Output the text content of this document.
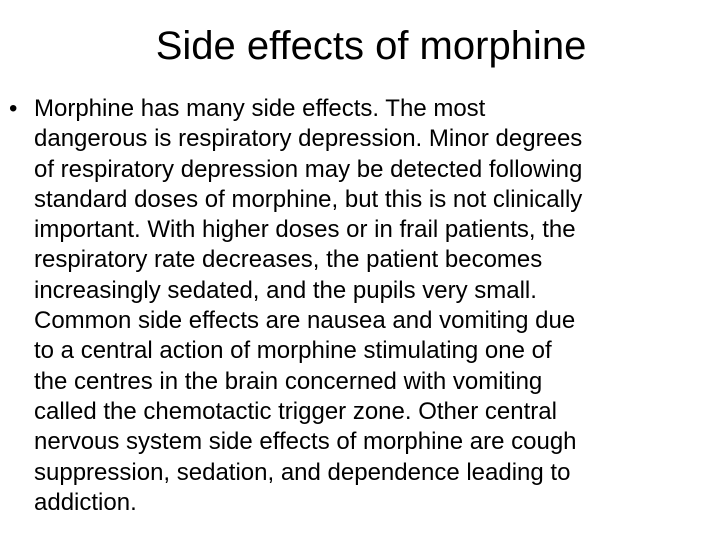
Side effects of morphine
• Morphine has many side effects. The most
dangerous is respiratory depression. Minor degrees
of respiratory depression may be detected following
standard doses of morphine, but this is not clinically
important. With higher doses or in frail patients, the
respiratory rate decreases, the patient becomes
increasingly sedated, and the pupils very small.
Common side effects are nausea and vomiting due
to a central action of morphine stimulating one of
the centres in the brain concerned with vomiting
called the chemotactic trigger zone. Other central
nervous system side effects of morphine are cough
suppression, sedation, and dependence leading to
addiction.
